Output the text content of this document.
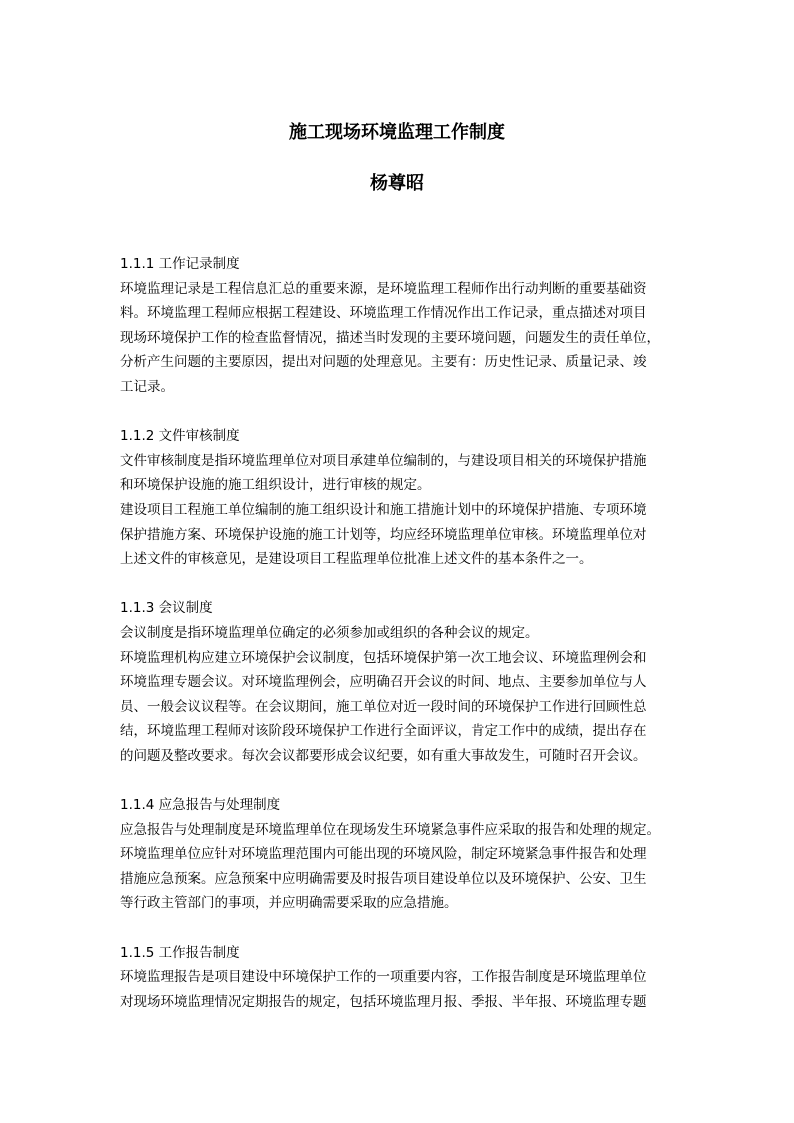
施工现场环境监理工作制度
杨尊昭
1.1.1 工作记录制度
环境监理记录是工程信息汇总的重要来源，是环境监理工程师作出行动判断的重要基础资
料。环境监理工程师应根据工程建设、环境监理工作情况作出工作记录，重点描述对项目
现场环境保护工作的检查监督情况，描述当时发现的主要环境问题，问题发生的责任单位，
分析产生问题的主要原因，提出对问题的处理意见。主要有：历史性记录、质量记录、竣
工记录。
1.1.2 文件审核制度
文件审核制度是指环境监理单位对项目承建单位编制的，与建设项目相关的环境保护措施
和环境保护设施的施工组织设计，进行审核的规定。
建设项目工程施工单位编制的施工组织设计和施工措施计划中的环境保护措施、专项环境
保护措施方案、环境保护设施的施工计划等，均应经环境监理单位审核。环境监理单位对
上述文件的审核意见，是建设项目工程监理单位批准上述文件的基本条件之一。
1.1.3 会议制度
会议制度是指环境监理单位确定的必须参加或组织的各种会议的规定。
环境监理机构应建立环境保护会议制度，包括环境保护第一次工地会议、环境监理例会和
环境监理专题会议。对环境监理例会，应明确召开会议的时间、地点、主要参加单位与人
员、一般会议议程等。在会议期间，施工单位对近一段时间的环境保护工作进行回顾性总
结，环境监理工程师对该阶段环境保护工作进行全面评议，肯定工作中的成绩，提出存在
的问题及整改要求。每次会议都要形成会议纪要，如有重大事故发生，可随时召开会议。
1.1.4 应急报告与处理制度
应急报告与处理制度是环境监理单位在现场发生环境紧急事件应采取的报告和处理的规定。
环境监理单位应针对环境监理范围内可能出现的环境风险，制定环境紧急事件报告和处理
措施应急预案。应急预案中应明确需要及时报告项目建设单位以及环境保护、公安、卫生
等行政主管部门的事项，并应明确需要采取的应急措施。
1.1.5 工作报告制度
环境监理报告是项目建设中环境保护工作的一项重要内容，工作报告制度是环境监理单位
对现场环境监理情况定期报告的规定，包括环境监理月报、季报、半年报、环境监理专题
